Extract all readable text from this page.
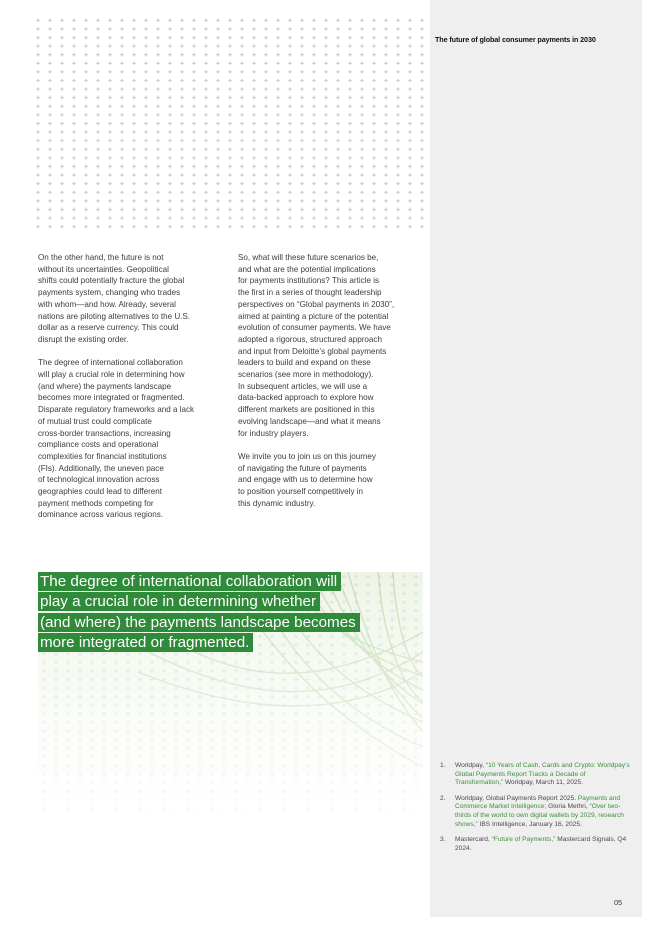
The future of global consumer payments in 2030

On the other hand, the future is not
without its uncertainties. Geopolitical
shifts could potentially fracture the global
payments system, changing who trades
with whom—and how. Already, several
nations are piloting alternatives to the U.S.
dollar as a reserve currency. This could
disrupt the existing order.

The degree of international collaboration
will play a crucial role in determining how
(and where) the payments landscape
becomes more integrated or fragmented.
Disparate regulatory frameworks and a lack
of mutual trust could complicate
cross-border transactions, increasing
compliance costs and operational
complexities for financial institutions
(FIs). Additionally, the uneven pace
of technological innovation across
geographies could lead to different
payment methods competing for
dominance across various regions.

So, what will these future scenarios be,
and what are the potential implications
for payments institutions? This article is
the first in a series of thought leadership
perspectives on “Global payments in 2030”,
aimed at painting a picture of the potential
evolution of consumer payments. We have
adopted a rigorous, structured approach
and input from Deloitte’s global payments
leaders to build and expand on these
scenarios (see more in methodology).
In subsequent articles, we will use a
data-backed approach to explore how
different markets are positioned in this
evolving landscape—and what it means
for industry players.

We invite you to join us on this journey
of navigating the future of payments
and engage with us to determine how
to position yourself competitively in
this dynamic industry.

The degree of international collaboration will
play a crucial role in determining whether
(and where) the payments landscape becomes
more integrated or fragmented.
1. Worldpay, “10 Years of Cash, Cards and Crypto: Worldpay’s Global Payments Report Tracks a Decade of Transformation,” Worldpay, March 11, 2025.
2. Worldpay, Global Payments Report 2025. Payments and Commerce Market Intelligence; Gloria Methri, “Over two-thirds of the world to own digital wallets by 2029, research shows,” IBS Intelligence, January 16, 2025.
3. Mastercard, “Future of Payments,” Mastercard Signals, Q4 2024.
05
